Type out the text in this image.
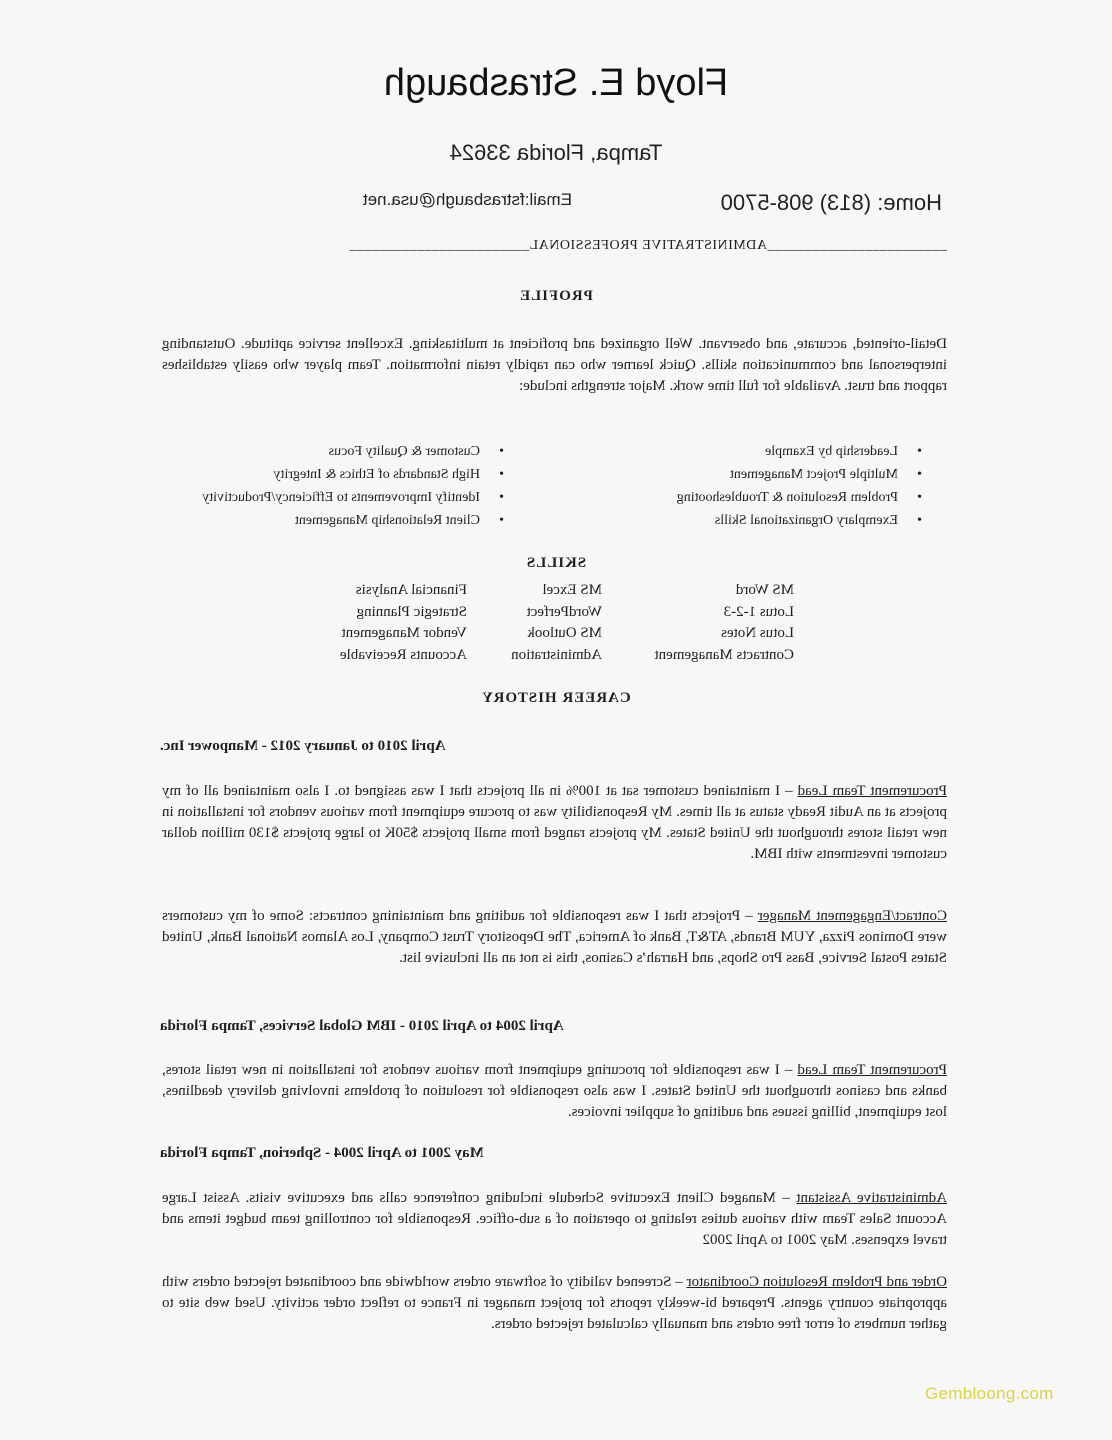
Floyd E. Strasbaugh
Tampa, Florida 33624
Home: (813) 908-5700
Email:fstrasbaugh@usa.net
________________________ADMINISTRATIVE PROFESSIONAL________________________
PROFILE
Detail-oriented, accurate, and observant. Well organized and proficient at multitasking. Excellent service aptitude. Outstanding interpersonal and communication skills. Quick learner who can rapidly retain information. Team player who easily establishes rapport and trust. Available for full time work. Major strengths include:
•Leadership by Example
•Multiple Project Management
•Problem Resolution & Troubleshooting
•Exemplary Organizational Skills
•Customer & Quality Focus
•High Standards of Ethics & Integrity
•Identify Improvements to Efficiency/Productivity
•Client Relationship Management
SKILLS
MS Word
Lotus 1-2-3
Lotus Notes
Contracts Management
MS Excel
WordPerfect
MS Outlook
Administration
Financial Analysis
Strategic Planning
Vendor Management
Accounts Receivable
CAREER HISTORY
April 2010 to January 2012 - Manpower Inc.
Procurement Team Lead – I maintained customer sat at 100% in all projects that I was assigned to. I also maintained all of my projects at an Audit Ready status at all times. My Responsibility was to procure equipment from various vendors for installation in new retail stores throughout the United States. My projects ranged from small projects $50K to large projects $130 million dollar customer investments with IBM.
Contract/Engagement Manager – Projects that I was responsible for auditing and maintaining contracts: Some of my customers were Dominos Pizza, YUM Brands, AT&T, Bank of America, The Depository Trust Company, Los Alamos National Bank, United States Postal Service, Bass Pro Shops, and Harrah’s Casinos, this is not an all inclusive list.
April 2004 to April 2010 - IBM Global Services, Tampa Florida
Procurement Team Lead – I was responsible for procuring equipment from various vendors for installation in new retail stores, banks and casinos throughout the United States. I was also responsible for resolution of problems involving delivery deadlines, lost equipment, billing issues and auditing of supplier invoices.
May 2001 to April 2004 - Spherion, Tampa Florida
Administrative Assistant – Managed Client Executive Schedule including conference calls and executive visits. Assist Large Account Sales Team with various duties relating to operation of a sub-office. Responsible for controlling team budget items and travel expenses. May 2001 to April 2002
Order and Problem Resolution Coordinator – Screened validity of software orders worldwide and coordinated rejected orders with appropriate country agents. Prepared bi-weekly reports for project manager in France to reflect order activity. Used web site to gather numbers of error free orders and manually calculated rejected orders.
Gembloong.com
